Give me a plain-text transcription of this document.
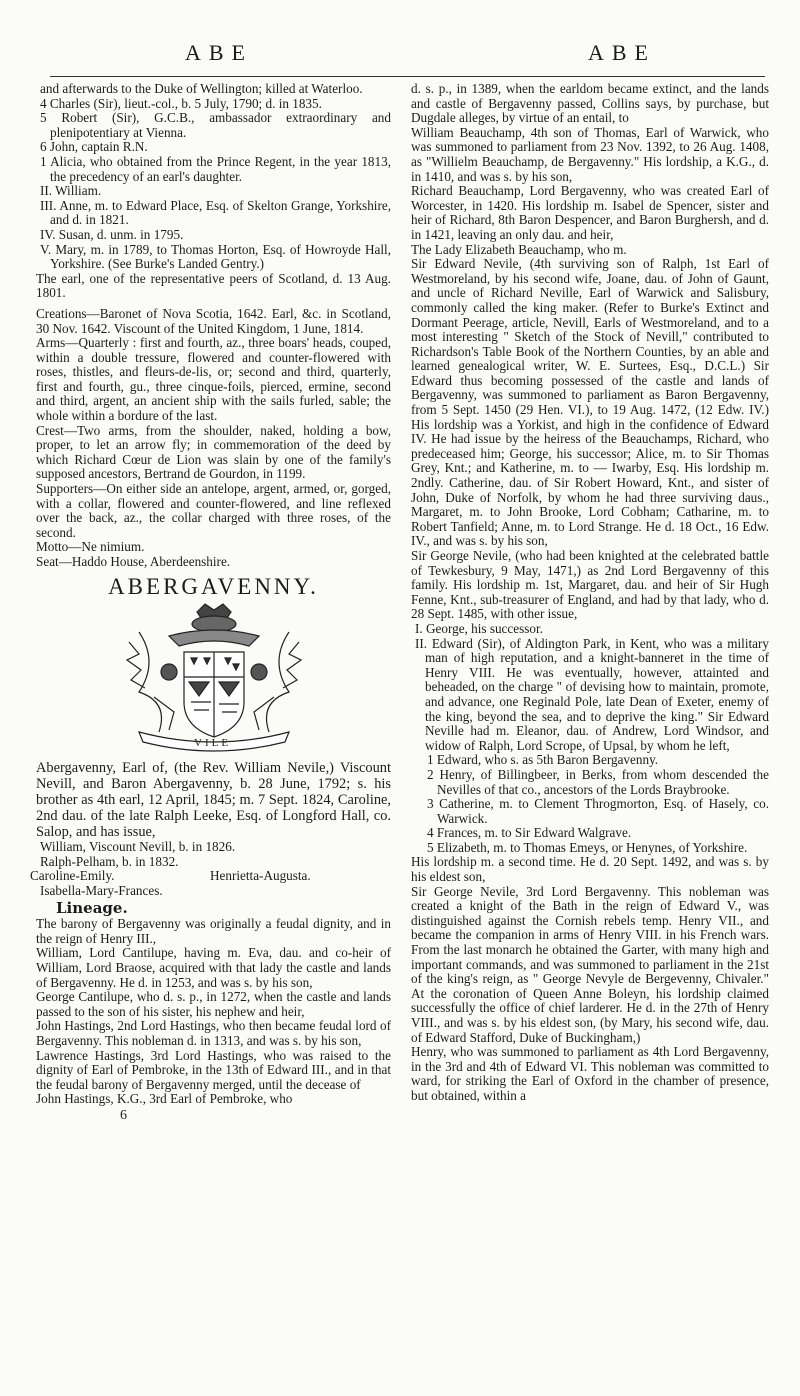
ABE	ABE

and afterwards to the Duke of Wellington; killed at Waterloo.

4 Charles (Sir), lieut.-col., b. 5 July, 1790; d. in 1835.

5 Robert (Sir), G.C.B., ambassador extraordinary and plenipotentiary at Vienna.

6 John, captain R.N.

1 Alicia, who obtained from the Prince Regent, in the year 1813, the precedency of an earl's daughter.

II. William.

III. Anne, m. to Edward Place, Esq. of Skelton Grange, Yorkshire, and d. in 1821.

IV. Susan, d. unm. in 1795.

V. Mary, m. in 1789, to Thomas Horton, Esq. of Howroyde Hall, Yorkshire. (See Burke's Landed Gentry.)

The earl, one of the representative peers of Scotland, d. 13 Aug. 1801.

Creations—Baronet of Nova Scotia, 1642. Earl, &c. in Scotland, 30 Nov. 1642. Viscount of the United Kingdom, 1 June, 1814.

Arms—Quarterly : first and fourth, az., three boars' heads, couped, within a double tressure, flowered and counter-flowered with roses, thistles, and fleurs-de-lis, or; second and third, quarterly, first and fourth, gu., three cinque-foils, pierced, ermine, second and third, argent, an ancient ship with the sails furled, sable; the whole within a bordure of the last.

Crest—Two arms, from the shoulder, naked, holding a bow, proper, to let an arrow fly; in commemoration of the deed by which Richard Cœur de Lion was slain by one of the family's supposed ancestors, Bertrand de Gourdon, in 1199.

Supporters—On either side an antelope, argent, armed, or, gorged, with a collar, flowered and counter-flowered, and line reflexed over the back, az., the collar charged with three roses, of the second.

Motto—Ne nimium.

Seat—Haddo House, Aberdeenshire.

ABERGAVENNY.
VILE

Abergavenny, Earl of, (the Rev. William Nevile,) Viscount Nevill, and Baron Abergavenny, b. 28 June, 1792; s. his brother as 4th earl, 12 April, 1845; m. 7 Sept. 1824, Caroline, 2nd dau. of the late Ralph Leeke, Esq. of Longford Hall, co. Salop, and has issue,

William, Viscount Nevill, b. in 1826.

Ralph-Pelham, b. in 1832.

Caroline-Emily.	Henrietta-Augusta.

Isabella-Mary-Frances.

Lineage.

The barony of Bergavenny was originally a feudal dignity, and in the reign of Henry III.,

William, Lord Cantilupe, having m. Eva, dau. and co-heir of William, Lord Braose, acquired with that lady the castle and lands of Bergavenny. He d. in 1253, and was s. by his son,

George Cantilupe, who d. s. p., in 1272, when the castle and lands passed to the son of his sister, his nephew and heir,

John Hastings, 2nd Lord Hastings, who then became feudal lord of Bergavenny. This nobleman d. in 1313, and was s. by his son,

Lawrence Hastings, 3rd Lord Hastings, who was raised to the dignity of Earl of Pembroke, in the 13th of Edward III., and in that the feudal barony of Bergavenny merged, until the decease of

John Hastings, K.G., 3rd Earl of Pembroke, who

6

d. s. p., in 1389, when the earldom became extinct, and the lands and castle of Bergavenny passed, Collins says, by purchase, but Dugdale alleges, by virtue of an entail, to

William Beauchamp, 4th son of Thomas, Earl of Warwick, who was summoned to parliament from 23 Nov. 1392, to 26 Aug. 1408, as "Willielm Beauchamp, de Bergavenny." His lordship, a K.G., d. in 1410, and was s. by his son,

Richard Beauchamp, Lord Bergavenny, who was created Earl of Worcester, in 1420. His lordship m. Isabel de Spencer, sister and heir of Richard, 8th Baron Despencer, and Baron Burghersh, and d. in 1421, leaving an only dau. and heir,

The Lady Elizabeth Beauchamp, who m.

Sir Edward Nevile, (4th surviving son of Ralph, 1st Earl of Westmoreland, by his second wife, Joane, dau. of John of Gaunt, and uncle of Richard Neville, Earl of Warwick and Salisbury, commonly called the king maker. (Refer to Burke's Extinct and Dormant Peerage, article, Nevill, Earls of Westmoreland, and to a most interesting " Sketch of the Stock of Nevill," contributed to Richardson's Table Book of the Northern Counties, by an able and learned genealogical writer, W. E. Surtees, Esq., D.C.L.) Sir Edward thus becoming possessed of the castle and lands of Bergavenny, was summoned to parliament as Baron Bergavenny, from 5 Sept. 1450 (29 Hen. VI.), to 19 Aug. 1472, (12 Edw. IV.) His lordship was a Yorkist, and high in the confidence of Edward IV. He had issue by the heiress of the Beauchamps, Richard, who predeceased him; George, his successor; Alice, m. to Sir Thomas Grey, Knt.; and Katherine, m. to — Iwarby, Esq. His lordship m. 2ndly. Catherine, dau. of Sir Robert Howard, Knt., and sister of John, Duke of Norfolk, by whom he had three surviving daus., Margaret, m. to John Brooke, Lord Cobham; Catharine, m. to Robert Tanfield; Anne, m. to Lord Strange. He d. 18 Oct., 16 Edw. IV., and was s. by his son,

Sir George Nevile, (who had been knighted at the celebrated battle of Tewkesbury, 9 May, 1471,) as 2nd Lord Bergavenny of this family. His lordship m. 1st, Margaret, dau. and heir of Sir Hugh Fenne, Knt., sub-treasurer of England, and had by that lady, who d. 28 Sept. 1485, with other issue,

I. George, his successor.

II. Edward (Sir), of Aldington Park, in Kent, who was a military man of high reputation, and a knight-banneret in the time of Henry VIII. He was eventually, however, attainted and beheaded, on the charge " of devising how to maintain, promote, and advance, one Reginald Pole, late Dean of Exeter, enemy of the king, beyond the sea, and to deprive the king." Sir Edward Neville had m. Eleanor, dau. of Andrew, Lord Windsor, and widow of Ralph, Lord Scrope, of Upsal, by whom he left,

1 Edward, who s. as 5th Baron Bergavenny.

2 Henry, of Billingbeer, in Berks, from whom descended the Nevilles of that co., ancestors of the Lords Braybrooke.

3 Catherine, m. to Clement Throgmorton, Esq. of Hasely, co. Warwick.

4 Frances, m. to Sir Edward Walgrave.

5 Elizabeth, m. to Thomas Emeys, or Henynes, of Yorkshire.

His lordship m. a second time. He d. 20 Sept. 1492, and was s. by his eldest son,

Sir George Nevile, 3rd Lord Bergavenny. This nobleman was created a knight of the Bath in the reign of Edward V., was distinguished against the Cornish rebels temp. Henry VII., and became the companion in arms of Henry VIII. in his French wars. From the last monarch he obtained the Garter, with many high and important commands, and was summoned to parliament in the 21st of the king's reign, as " George Nevyle de Bergevenny, Chivaler." At the coronation of Queen Anne Boleyn, his lordship claimed successfully the office of chief larderer. He d. in the 27th of Henry VIII., and was s. by his eldest son, (by Mary, his second wife, dau. of Edward Stafford, Duke of Buckingham,)

Henry, who was summoned to parliament as 4th Lord Bergavenny, in the 3rd and 4th of Edward VI. This nobleman was committed to ward, for striking the Earl of Oxford in the chamber of presence, but obtained, within a
